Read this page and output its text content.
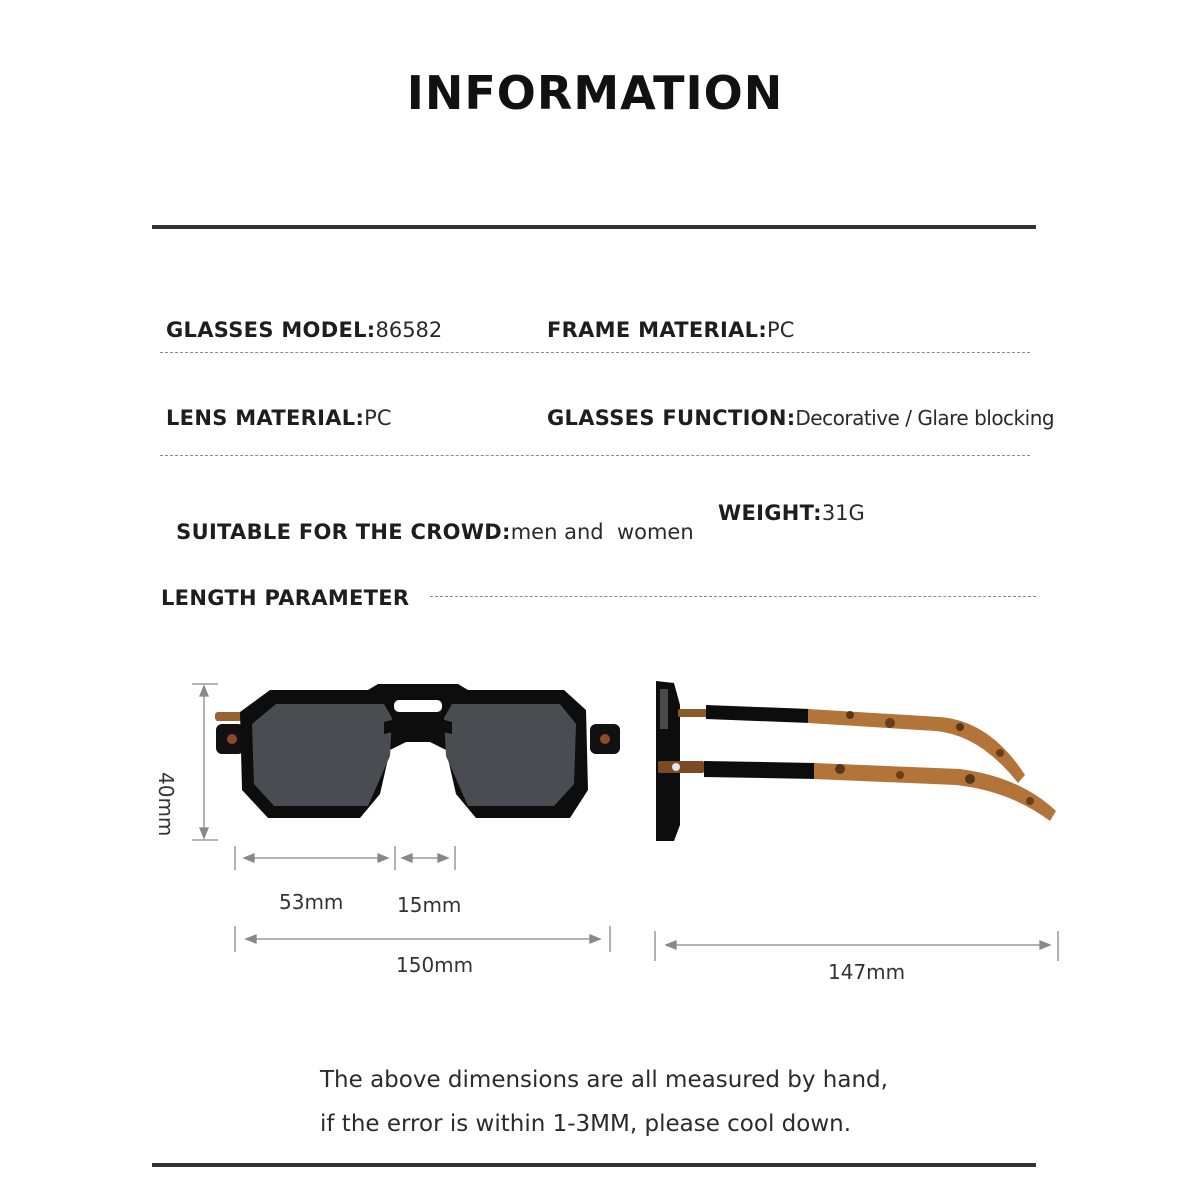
INFORMATION
GLASSES MODEL:86582	FRAME MATERIAL:PC
LENS MATERIAL:PC	GLASSES FUNCTION:Decorative / Glare blocking

SUITABLE FOR THE CROWD:men and  women

WEIGHT:31G
LENGTH PARAMETER
40mm
53mm	15mm
150mm	147mm
The above dimensions are all measured by hand,
if the error is within 1-3MM, please cool down.
